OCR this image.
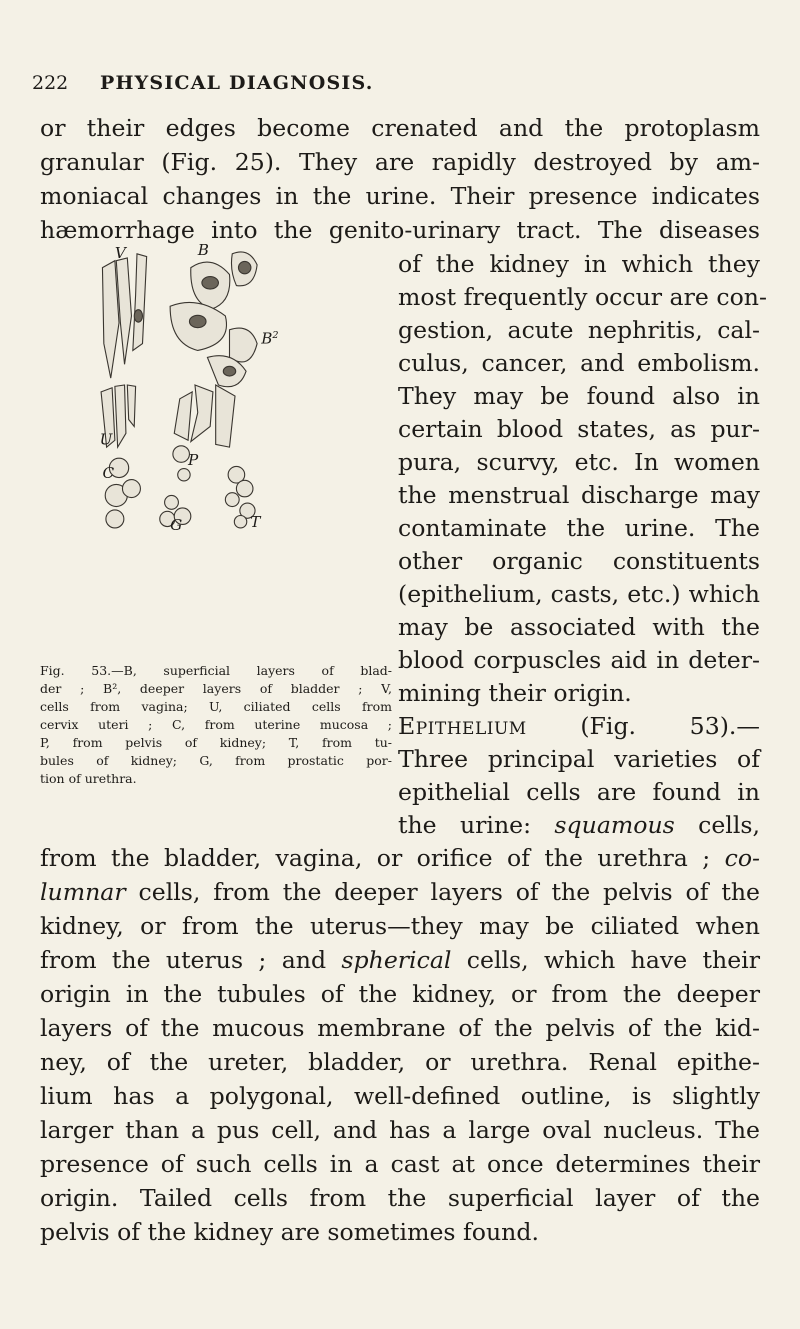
222 PHYSICAL DIAGNOSIS.
or their edges become crenated and the protoplasm
granular (Fig. 25). They are rapidly destroyed by am-
moniacal changes in the urine. Their presence indicates
hæmorrhage into the genito-urinary tract. The diseases
of the kidney in which they
most frequently occur are con-
gestion, acute nephritis, cal-
culus, cancer, and embolism.
They may be found also in
certain blood states, as pur-
pura, scurvy, etc. In women
the menstrual discharge may
contaminate the urine. The
other organic constituents
(epithelium, casts, etc.) which
may be associated with the
blood corpuscles aid in deter-
mining their origin.
Epithelium (Fig. 53).—
Three principal varieties of
epithelial cells are found in
the urine: squamous cells,
from the bladder, vagina, or orifice of the urethra ; co-
lumnar cells, from the deeper layers of the pelvis of the
kidney, or from the uterus—they may be ciliated when
from the uterus ; and spherical cells, which have their
origin in the tubules of the kidney, or from the deeper
layers of the mucous membrane of the pelvis of the kid-
ney, of the ureter, bladder, or urethra. Renal epithe-
lium has a polygonal, well-defined outline, is slightly
larger than a pus cell, and has a large oval nucleus. The
presence of such cells in a cast at once determines their
origin. Tailed cells from the superficial layer of the
pelvis of the kidney are sometimes found.
V	B
$B^2$
U
P
C
T
G
Fig. 53.—B, superficial layers of blad-
der ; B², deeper layers of bladder ; V,
cells from vagina; U, ciliated cells from
cervix uteri ; C, from uterine mucosa ;
P, from pelvis of kidney; T, from tu-
bules of kidney; G, from prostatic por-
tion of urethra.
